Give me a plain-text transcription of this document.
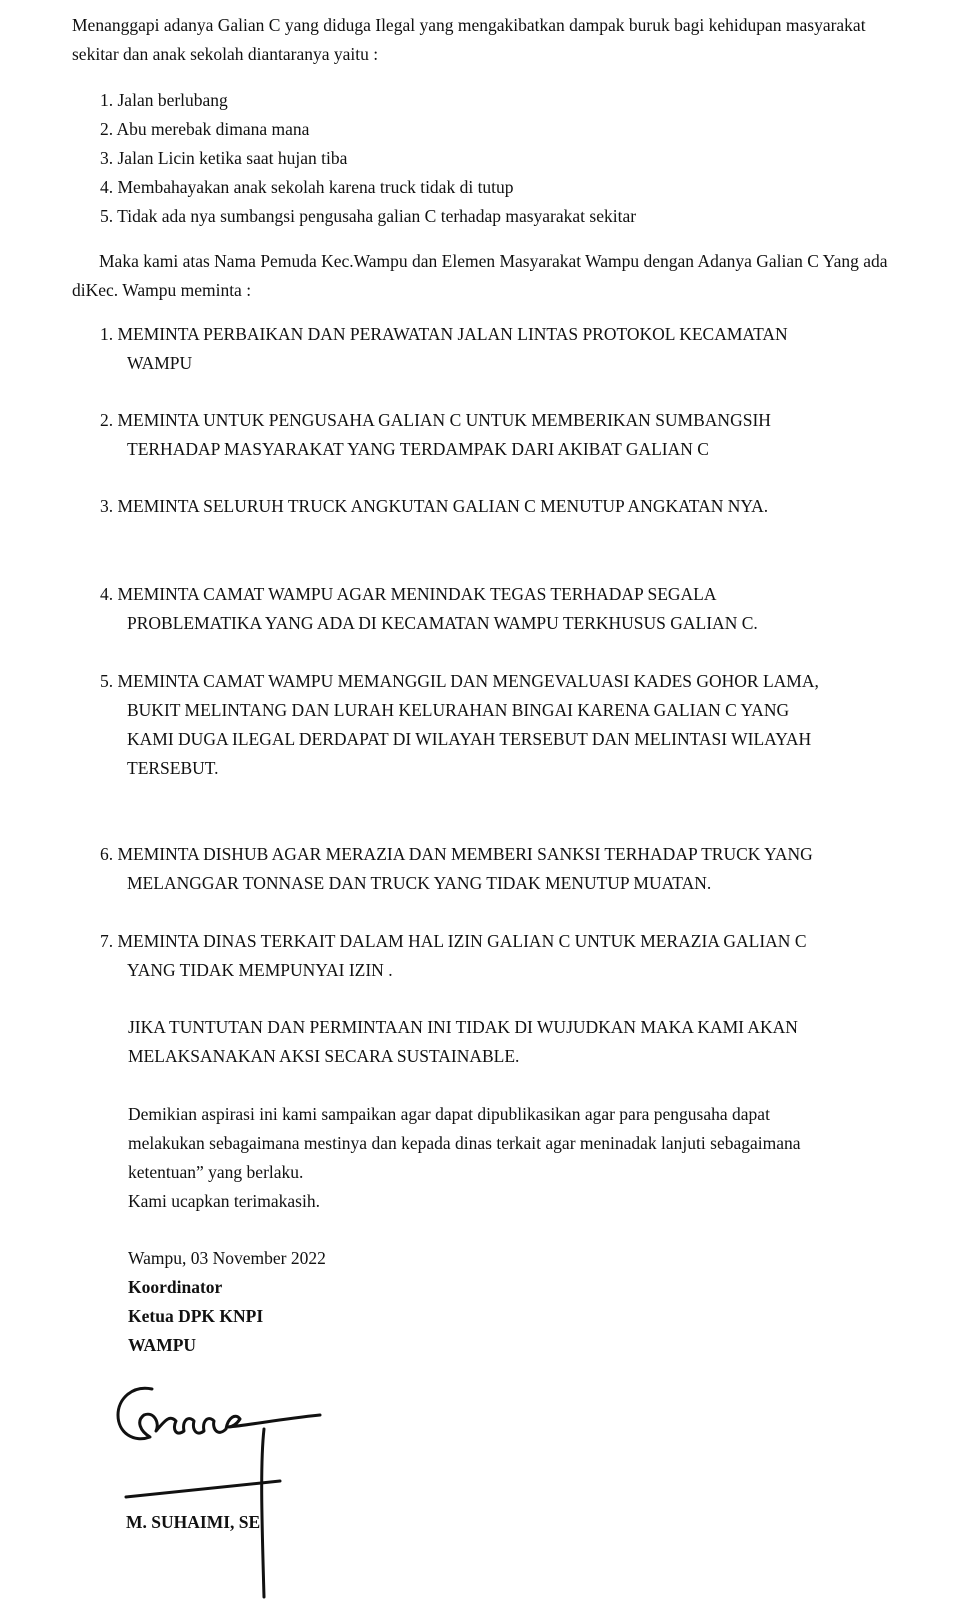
Menanggapi adanya Galian C yang diduga Ilegal yang mengakibatkan dampak buruk bagi kehidupan masyarakat sekitar dan anak sekolah diantaranya yaitu :

1. Jalan berlubang
2. Abu merebak dimana mana
3. Jalan Licin ketika saat hujan tiba
4. Membahayakan anak sekolah karena truck tidak di tutup
5. Tidak ada nya sumbangsi pengusaha galian C terhadap masyarakat sekitar

Maka kami atas Nama Pemuda Kec.Wampu dan Elemen Masyarakat Wampu dengan Adanya Galian C Yang ada diKec. Wampu meminta :

1. MEMINTA PERBAIKAN DAN PERAWATAN JALAN LINTAS PROTOKOL KECAMATAN
WAMPU
2. MEMINTA UNTUK PENGUSAHA GALIAN C UNTUK MEMBERIKAN SUMBANGSIH
TERHADAP MASYARAKAT YANG TERDAMPAK DARI AKIBAT GALIAN C
3. MEMINTA SELURUH TRUCK ANGKUTAN GALIAN C MENUTUP ANGKATAN NYA.
4. MEMINTA CAMAT WAMPU AGAR MENINDAK TEGAS TERHADAP SEGALA
PROBLEMATIKA YANG ADA DI KECAMATAN WAMPU TERKHUSUS GALIAN C.
5. MEMINTA CAMAT WAMPU MEMANGGIL DAN MENGEVALUASI KADES GOHOR LAMA,
BUKIT MELINTANG DAN LURAH KELURAHAN BINGAI KARENA GALIAN C YANG
KAMI DUGA ILEGAL DERDAPAT DI WILAYAH TERSEBUT DAN MELINTASI WILAYAH
TERSEBUT.
6. MEMINTA DISHUB AGAR MERAZIA DAN MEMBERI SANKSI TERHADAP TRUCK YANG
MELANGGAR TONNASE DAN TRUCK YANG TIDAK MENUTUP MUATAN.
7. MEMINTA DINAS TERKAIT DALAM HAL IZIN GALIAN C UNTUK MERAZIA GALIAN C
YANG TIDAK MEMPUNYAI IZIN .
JIKA TUNTUTAN DAN PERMINTAAN INI TIDAK DI WUJUDKAN MAKA KAMI AKAN
MELAKSANAKAN AKSI SECARA SUSTAINABLE.
Demikian aspirasi ini kami sampaikan agar dapat dipublikasikan agar para pengusaha dapat
melakukan sebagaimana mestinya dan kepada dinas terkait agar meninadak lanjuti sebagaimana
ketentuan” yang berlaku.
Kami ucapkan terimakasih.
Wampu, 03 November 2022
Koordinator
Ketua DPK KNPI
WAMPU
M. SUHAIMI, SE
